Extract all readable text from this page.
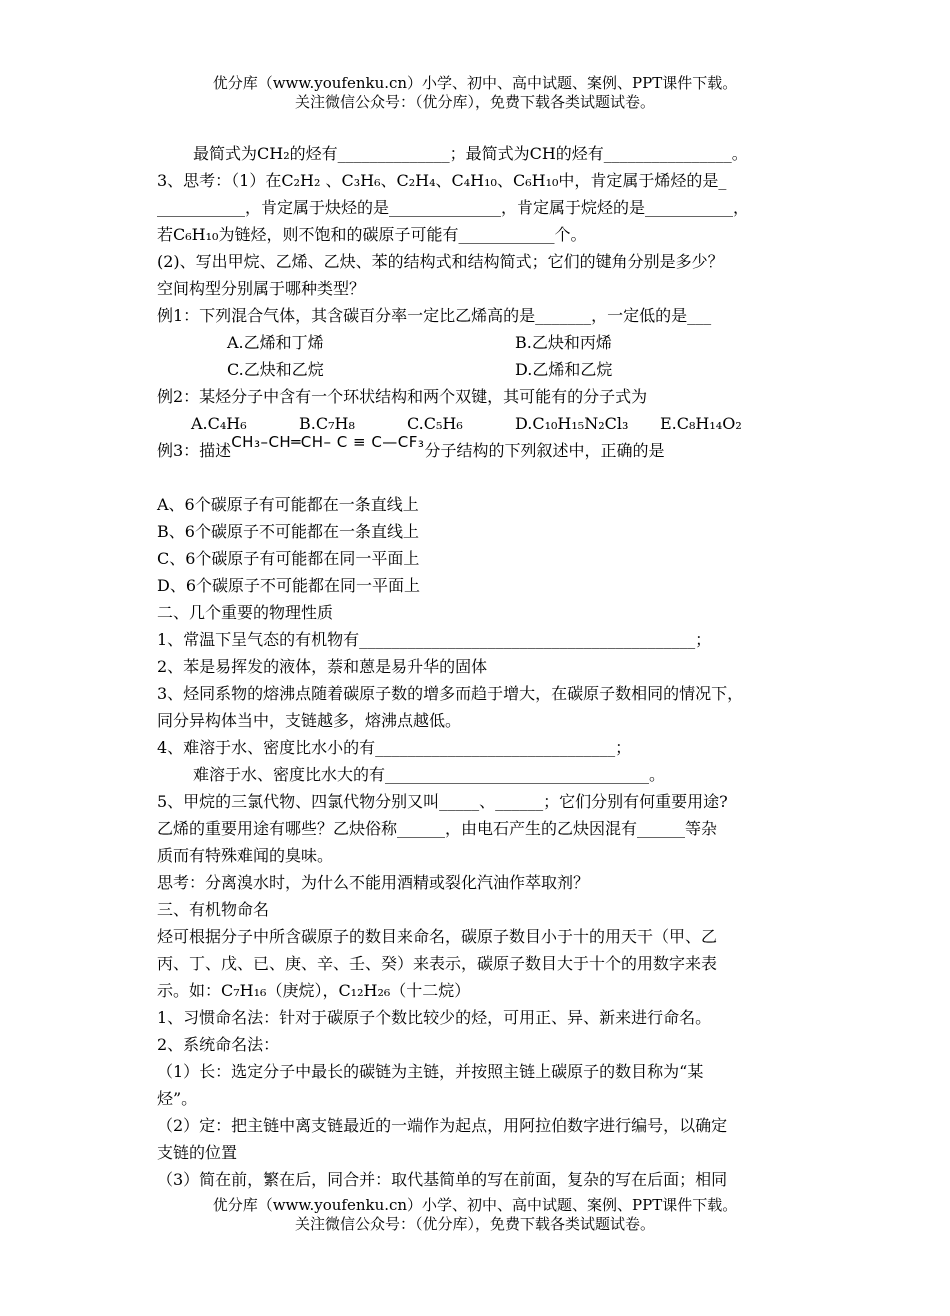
优分库（www.youfenku.cn）小学、初中、高中试题、案例、PPT课件下载。
关注微信公众号：（优分库），免费下载各类试题试卷。
最简式为CH₂的烃有______________；最简式为CH的烃有________________。
3、思考：（1）在C₂H₂ 、C₃H₆、C₂H₄、C₄H₁₀、C₆H₁₀中，肯定属于烯烃的是_
___________，肯定属于炔烃的是______________，肯定属于烷烃的是___________，
若C₆H₁₀为链烃，则不饱和的碳原子可能有____________个。
(2)、写出甲烷、乙烯、乙炔、苯的结构式和结构简式；它们的键角分别是多少？
空间构型分别属于哪种类型？
例1：下列混合气体，其含碳百分率一定比乙烯高的是_______，一定低的是___
A.乙烯和丁烯	B.乙炔和丙烯
C.乙炔和乙烷	D.乙烯和乙烷
例2：某烃分子中含有一个环状结构和两个双键，其可能有的分子式为
A.C₄H₆	B.C₇H₈	C.C₅H₆	D.C₁₀H₁₅N₂Cl₃ E.C₈H₁₄O₂
例3：描述CH₃–CH═CH– C ≡ C—CF₃分子结构的下列叙述中，正确的是
A、6个碳原子有可能都在一条直线上
B、6个碳原子不可能都在一条直线上
C、6个碳原子有可能都在同一平面上
D、6个碳原子不可能都在同一平面上
二、几个重要的物理性质
1、常温下呈气态的有机物有__________________________________________；
2、苯是易挥发的液体，萘和蒽是易升华的固体
3、烃同系物的熔沸点随着碳原子数的增多而趋于增大，在碳原子数相同的情况下，
同分异构体当中，支链越多，熔沸点越低。
4、难溶于水、密度比水小的有______________________________；
难溶于水、密度比水大的有_________________________________。
5、甲烷的三氯代物、四氯代物分别又叫_____、______；它们分别有何重要用途?
乙烯的重要用途有哪些？乙炔俗称______，由电石产生的乙炔因混有______等杂
质而有特殊难闻的臭味。
思考：分离溴水时，为什么不能用酒精或裂化汽油作萃取剂？
三、有机物命名
烃可根据分子中所含碳原子的数目来命名，碳原子数目小于十的用天干（甲、乙
丙、丁、戊、已、庚、辛、壬、癸）来表示，碳原子数目大于十个的用数字来表
示。如：C₇H₁₆（庚烷），C₁₂H₂₆（十二烷）
1、习惯命名法：针对于碳原子个数比较少的烃，可用正、异、新来进行命名。
2、系统命名法：
（1）长：选定分子中最长的碳链为主链，并按照主链上碳原子的数目称为“某
烃”。
（2）定：把主链中离支链最近的一端作为起点，用阿拉伯数字进行编号，以确定
支链的位置
（3）简在前，繁在后，同合并：取代基简单的写在前面，复杂的写在后面；相同
优分库（www.youfenku.cn）小学、初中、高中试题、案例、PPT课件下载。
关注微信公众号：（优分库），免费下载各类试题试卷。
